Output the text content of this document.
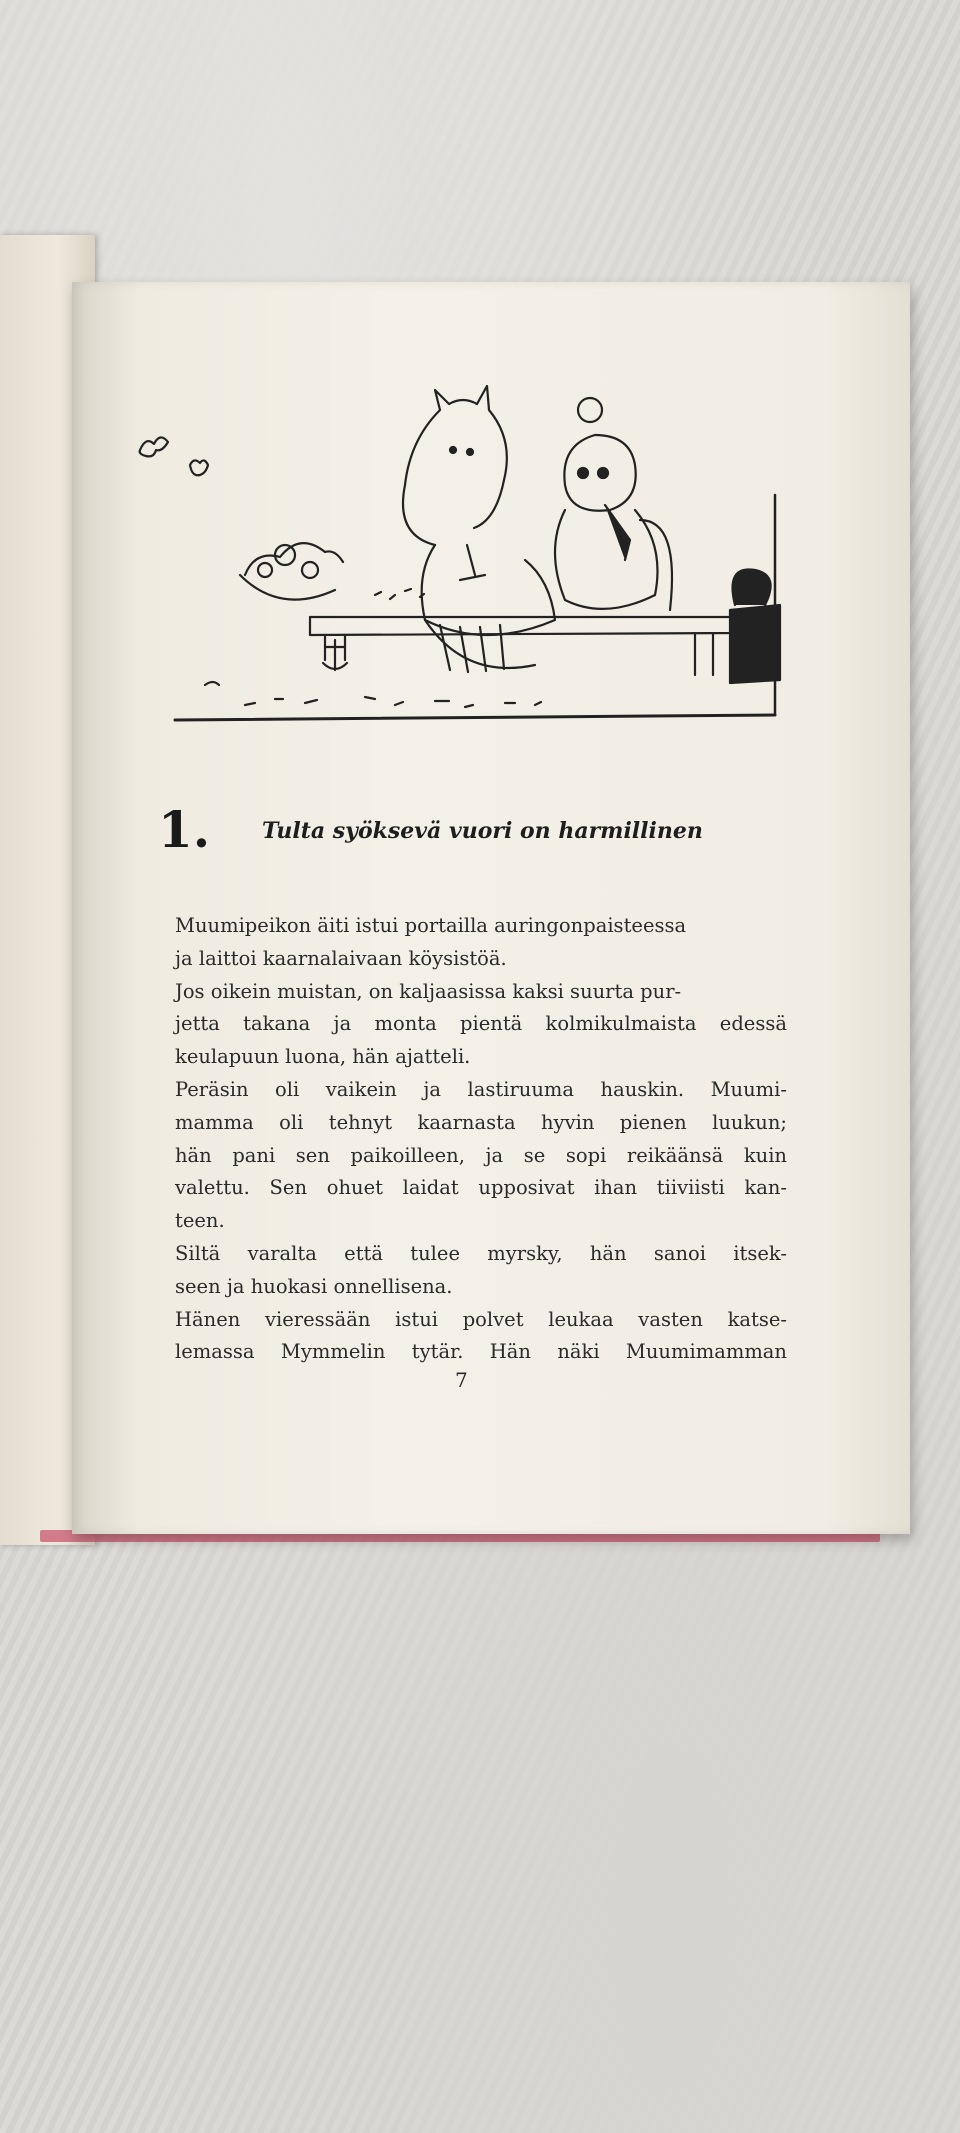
1. Tulta syöksevä vuori on harmillinen
Muumipeikon äiti istui portailla auringonpaisteessa
ja laittoi kaarnalaivaan köysistöä.
Jos oikein muistan, on kaljaasissa kaksi suurta pur-
jetta takana ja monta pientä kolmikulmaista edessä
keulapuun luona, hän ajatteli.
Peräsin oli vaikein ja lastiruuma hauskin. Muumi-
mamma oli tehnyt kaarnasta hyvin pienen luukun;
hän pani sen paikoilleen, ja se sopi reikäänsä kuin
valettu. Sen ohuet laidat upposivat ihan tiiviisti kan-
teen.
Siltä varalta että tulee myrsky, hän sanoi itsek-
seen ja huokasi onnellisena.
Hänen vieressään istui polvet leukaa vasten katse-
lemassa Mymmelin tytär. Hän näki Muumimamman
7
